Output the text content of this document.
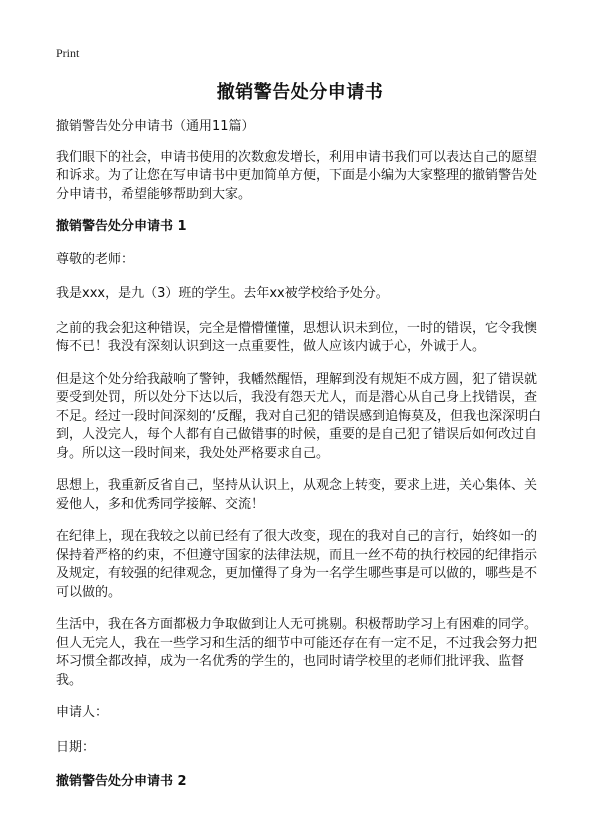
Print
撤销警告处分申请书

撤销警告处分申请书（通用11篇）

我们眼下的社会，申请书使用的次数愈发增长，利用申请书我们可以表达自己的愿望和诉求。为了让您在写申请书中更加简单方便，下面是小编为大家整理的撤销警告处分申请书，希望能够帮助到大家。

撤销警告处分申请书 1

尊敬的老师：

我是xxx，是九（3）班的学生。去年xx被学校给予处分。

之前的我会犯这种错误，完全是懵懵懂懂，思想认识未到位，一时的错误，它令我懊悔不已！我没有深刻认识到这一点重要性，做人应该内诚于心，外诚于人。

但是这个处分给我敲响了警钟，我幡然醒悟，理解到没有规矩不成方圆，犯了错误就要受到处罚，所以处分下达以后，我没有怨天尤人，而是潜心从自己身上找错误，查不足。经过一段时间深刻的‘反醒，我对自己犯的错误感到追悔莫及，但我也深深明白到，人没完人，每个人都有自己做错事的时候，重要的是自己犯了错误后如何改过自身。所以这一段时间来，我处处严格要求自己。

思想上，我重新反省自己，坚持从认识上，从观念上转变，要求上进，关心集体、关爱他人，多和优秀同学接解、交流！

在纪律上，现在我较之以前已经有了很大改变，现在的我对自己的言行，始终如一的保持着严格的约束，不但遵守国家的法律法规，而且一丝不苟的执行校园的纪律指示及规定，有较强的纪律观念，更加懂得了身为一名学生哪些事是可以做的，哪些是不可以做的。

生活中，我在各方面都极力争取做到让人无可挑剔。积极帮助学习上有困难的同学。但人无完人，我在一些学习和生活的细节中可能还存在有一定不足，不过我会努力把坏习惯全都改掉，成为一名优秀的学生的，也同时请学校里的老师们批评我、监督我。

申请人：

日期：

撤销警告处分申请书 2
